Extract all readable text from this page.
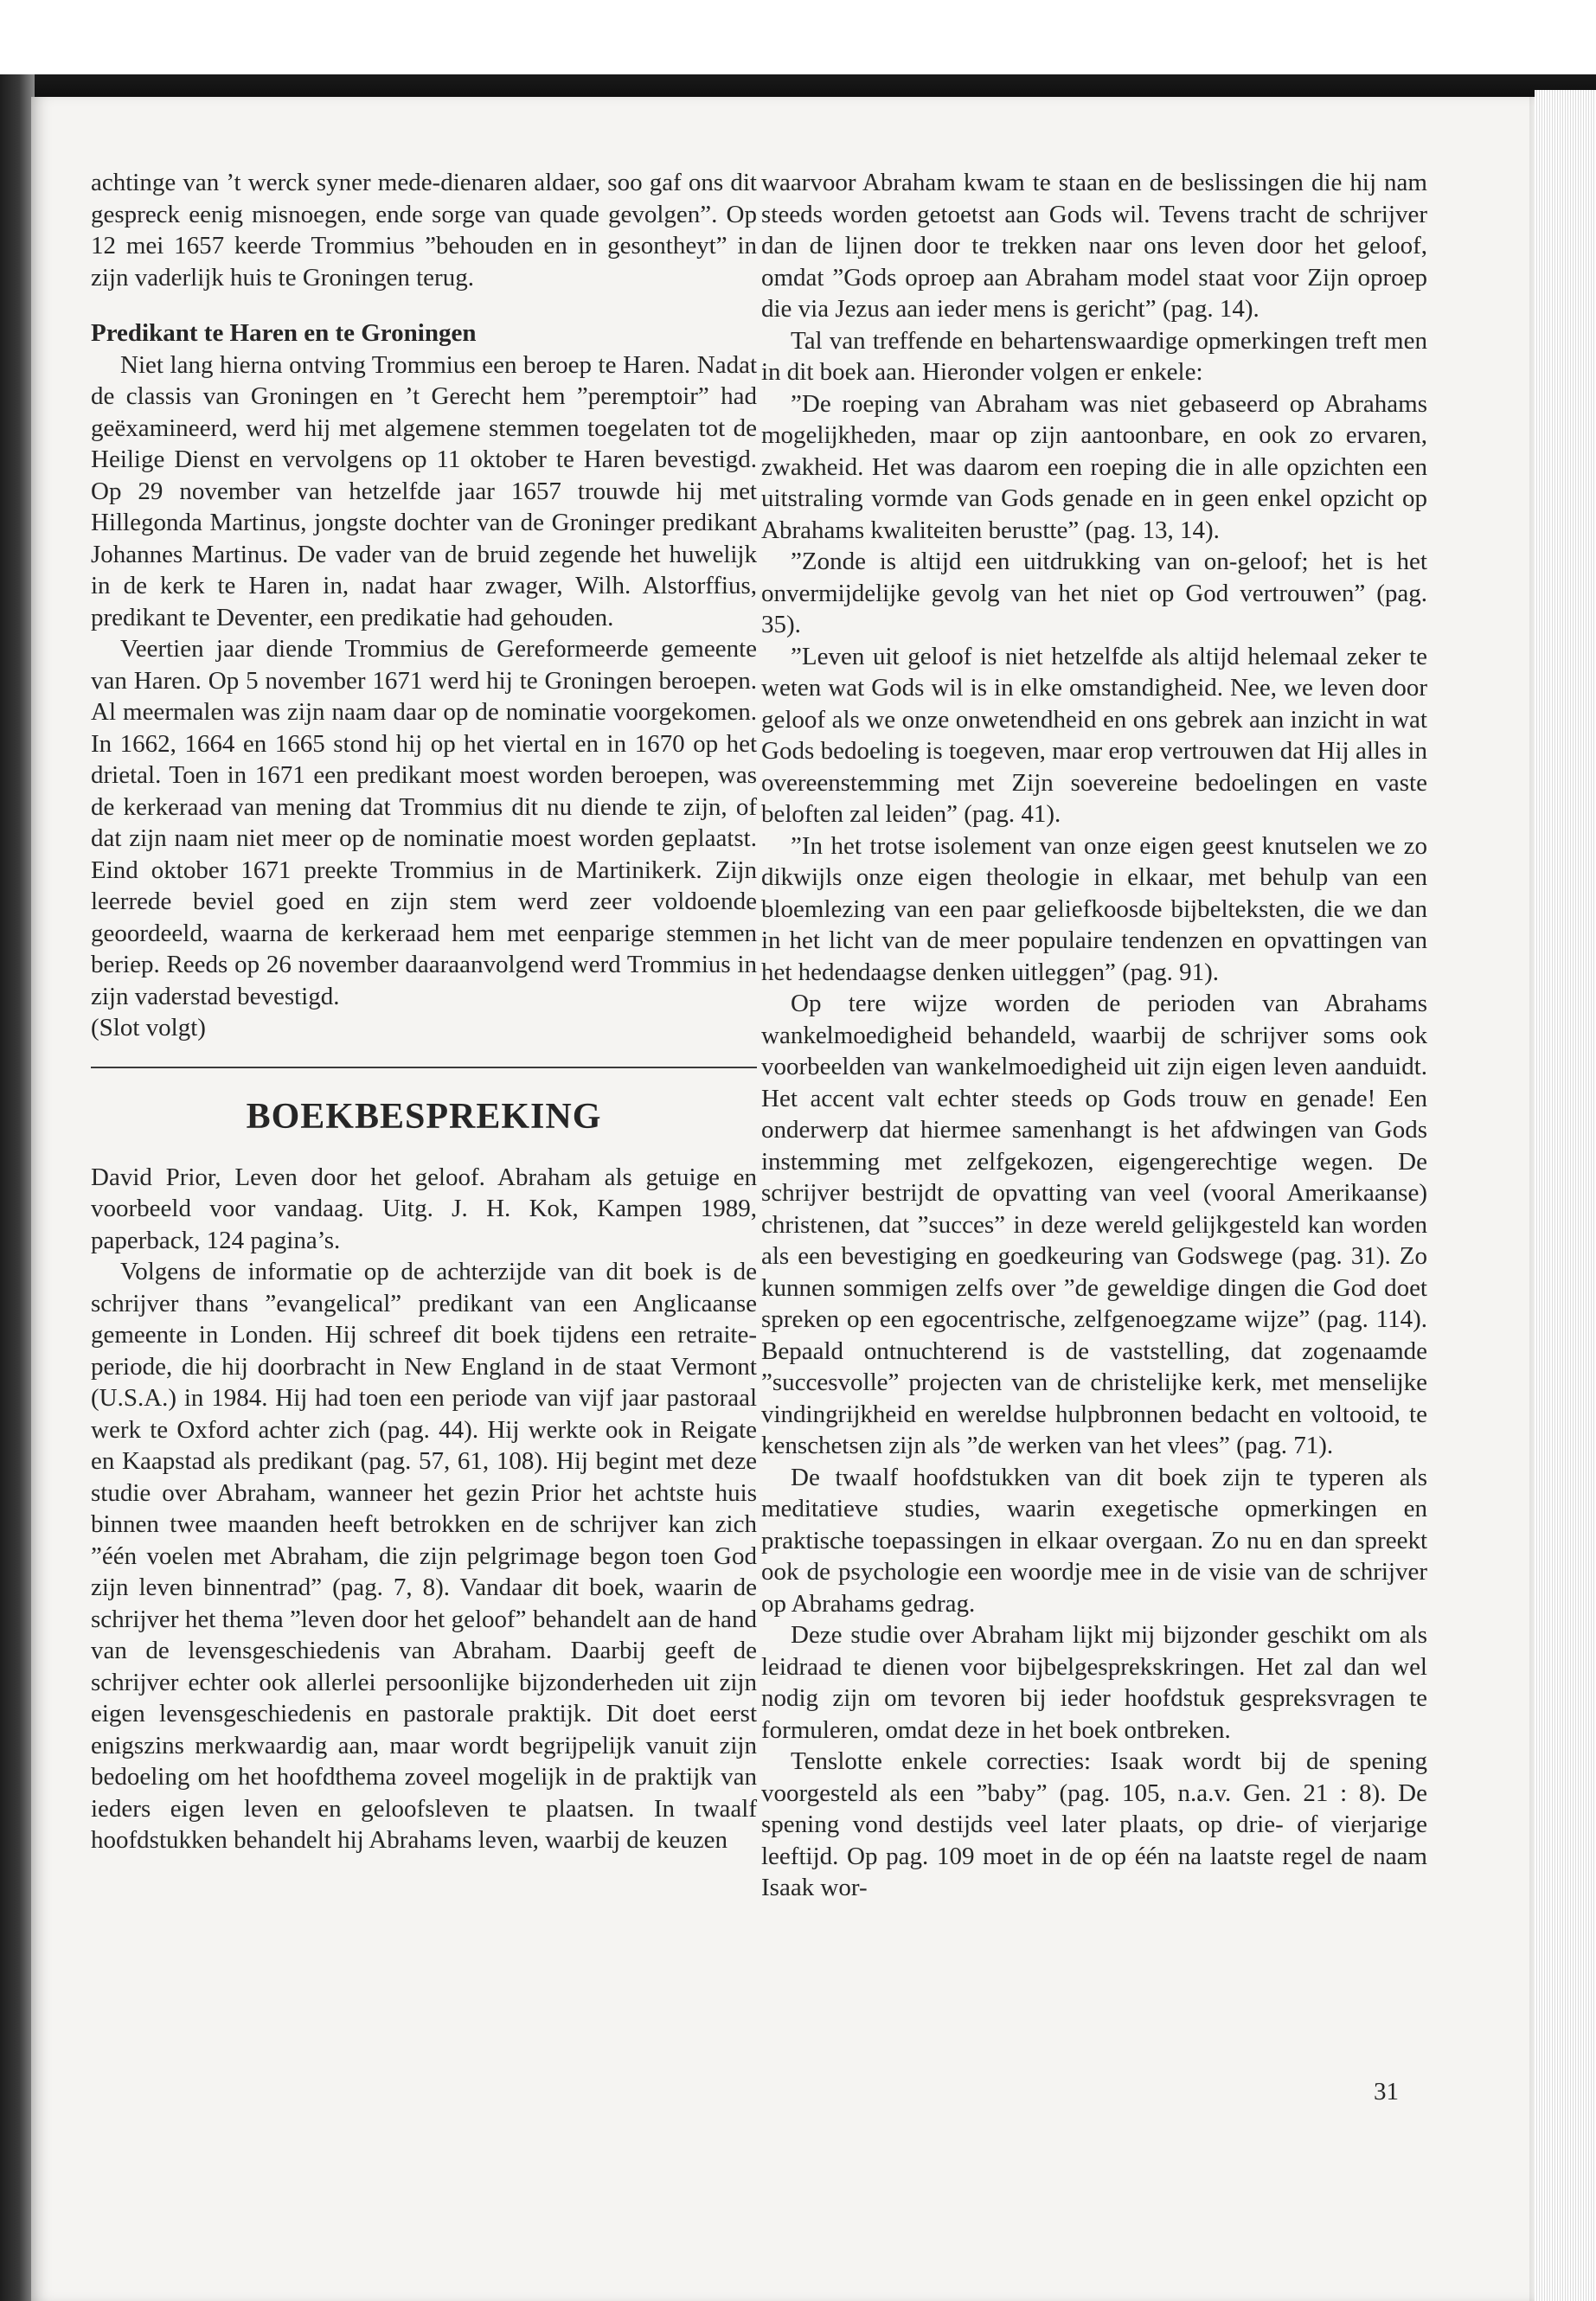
achtinge van ’t werck syner mede-dienaren aldaer, soo gaf ons dit gespreck eenig misnoegen, ende sorge van quade gevolgen”. Op 12 mei 1657 keerde Trommius ”behouden en in gesontheyt” in zijn vaderlijk huis te Groningen terug.

Predikant te Haren en te Groningen

Niet lang hierna ontving Trommius een beroep te Haren. Nadat de classis van Groningen en ’t Gerecht hem ”peremptoir” had geëxamineerd, werd hij met algemene stemmen toegelaten tot de Heilige Dienst en vervolgens op 11 oktober te Haren bevestigd. Op 29 november van hetzelfde jaar 1657 trouwde hij met Hillegonda Martinus, jongste dochter van de Groninger predikant Johannes Martinus. De vader van de bruid zegende het huwelijk in de kerk te Haren in, nadat haar zwager, Wilh. Alstorffius, predikant te Deventer, een predikatie had gehouden.

Veertien jaar diende Trommius de Gereformeerde gemeente van Haren. Op 5 november 1671 werd hij te Groningen beroepen. Al meermalen was zijn naam daar op de nominatie voorgekomen. In 1662, 1664 en 1665 stond hij op het viertal en in 1670 op het drietal. Toen in 1671 een predikant moest worden beroepen, was de kerkeraad van mening dat Trommius dit nu diende te zijn, of dat zijn naam niet meer op de nominatie moest worden geplaatst. Eind oktober 1671 preekte Trommius in de Martinikerk. Zijn leerrede beviel goed en zijn stem werd zeer voldoende geoordeeld, waarna de kerkeraad hem met eenparige stemmen beriep. Reeds op 26 november daaraanvolgend werd Trommius in zijn vaderstad bevestigd.

(Slot volgt)

BOEKBESPREKING

David Prior, Leven door het geloof. Abraham als getuige en voorbeeld voor vandaag. Uitg. J. H. Kok, Kampen 1989, paperback, 124 pagina’s.

Volgens de informatie op de achterzijde van dit boek is de schrijver thans ”evangelical” predikant van een Anglicaanse gemeente in Londen. Hij schreef dit boek tijdens een retraite-periode, die hij doorbracht in New England in de staat Vermont (U.S.A.) in 1984. Hij had toen een periode van vijf jaar pastoraal werk te Oxford achter zich (pag. 44). Hij werkte ook in Reigate en Kaapstad als predikant (pag. 57, 61, 108). Hij begint met deze studie over Abraham, wanneer het gezin Prior het achtste huis binnen twee maanden heeft betrokken en de schrijver kan zich ”één voelen met Abraham, die zijn pelgrimage begon toen God zijn leven binnentrad” (pag. 7, 8). Vandaar dit boek, waarin de schrijver het thema ”leven door het geloof” behandelt aan de hand van de levensgeschiedenis van Abraham. Daarbij geeft de schrijver echter ook allerlei persoonlijke bijzonderheden uit zijn eigen levensgeschiedenis en pastorale praktijk. Dit doet eerst enigszins merkwaardig aan, maar wordt begrijpelijk vanuit zijn bedoeling om het hoofdthema zoveel mogelijk in de praktijk van ieders eigen leven en geloofsleven te plaatsen. In twaalf hoofdstukken behandelt hij Abrahams leven, waarbij de keuzen

waarvoor Abraham kwam te staan en de beslissingen die hij nam steeds worden getoetst aan Gods wil. Tevens tracht de schrijver dan de lijnen door te trekken naar ons leven door het geloof, omdat ”Gods oproep aan Abraham model staat voor Zijn oproep die via Jezus aan ieder mens is gericht” (pag. 14).

Tal van treffende en behartenswaardige opmerkingen treft men in dit boek aan. Hieronder volgen er enkele:

”De roeping van Abraham was niet gebaseerd op Abrahams mogelijkheden, maar op zijn aantoonbare, en ook zo ervaren, zwakheid. Het was daarom een roeping die in alle opzichten een uitstraling vormde van Gods genade en in geen enkel opzicht op Abrahams kwaliteiten berustte” (pag. 13, 14).

”Zonde is altijd een uitdrukking van on-geloof; het is het onvermijdelijke gevolg van het niet op God vertrouwen” (pag. 35).

”Leven uit geloof is niet hetzelfde als altijd helemaal zeker te weten wat Gods wil is in elke omstandigheid. Nee, we leven door geloof als we onze onwetendheid en ons gebrek aan inzicht in wat Gods bedoeling is toegeven, maar erop vertrouwen dat Hij alles in overeenstemming met Zijn soevereine bedoelingen en vaste beloften zal leiden” (pag. 41).

”In het trotse isolement van onze eigen geest knutselen we zo dikwijls onze eigen theologie in elkaar, met behulp van een bloemlezing van een paar geliefkoosde bijbelteksten, die we dan in het licht van de meer populaire tendenzen en opvattingen van het hedendaagse denken uitleggen” (pag. 91).

Op tere wijze worden de perioden van Abrahams wankelmoedigheid behandeld, waarbij de schrijver soms ook voorbeelden van wankelmoedigheid uit zijn eigen leven aanduidt. Het accent valt echter steeds op Gods trouw en genade! Een onderwerp dat hiermee samenhangt is het afdwingen van Gods instemming met zelfgekozen, eigengerechtige wegen. De schrijver bestrijdt de opvatting van veel (vooral Amerikaanse) christenen, dat ”succes” in deze wereld gelijkgesteld kan worden als een bevestiging en goedkeuring van Godswege (pag. 31). Zo kunnen sommigen zelfs over ”de geweldige dingen die God doet spreken op een egocentrische, zelfgenoegzame wijze” (pag. 114). Bepaald ontnuchterend is de vaststelling, dat zogenaamde ”succesvolle” projecten van de christelijke kerk, met menselijke vindingrijkheid en wereldse hulpbronnen bedacht en voltooid, te kenschetsen zijn als ”de werken van het vlees” (pag. 71).

De twaalf hoofdstukken van dit boek zijn te typeren als meditatieve studies, waarin exegetische opmerkingen en praktische toepassingen in elkaar overgaan. Zo nu en dan spreekt ook de psychologie een woordje mee in de visie van de schrijver op Abrahams gedrag.

Deze studie over Abraham lijkt mij bijzonder geschikt om als leidraad te dienen voor bijbelgesprekskringen. Het zal dan wel nodig zijn om tevoren bij ieder hoofdstuk gespreksvragen te formuleren, omdat deze in het boek ontbreken.

Tenslotte enkele correcties: Isaak wordt bij de spening voorgesteld als een ”baby” (pag. 105, n.a.v. Gen. 21 : 8). De spening vond destijds veel later plaats, op drie- of vierjarige leeftijd. Op pag. 109 moet in de op één na laatste regel de naam Isaak wor-

31
